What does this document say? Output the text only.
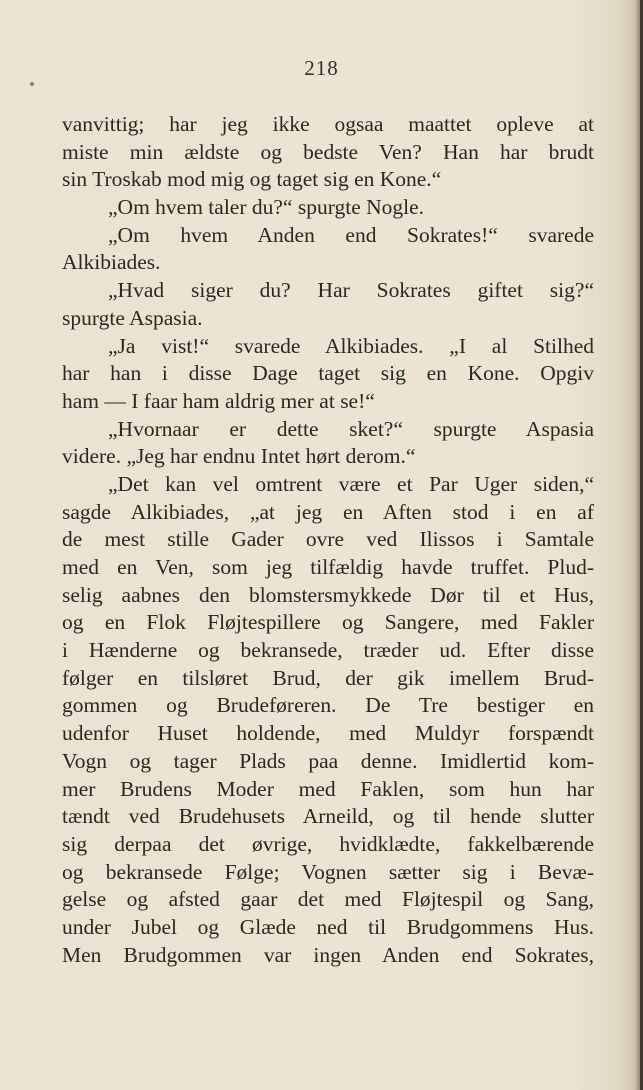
218
vanvittig; har jeg ikke ogsaa maattet opleve at
miste min ældste og bedste Ven? Han har brudt
sin Troskab mod mig og taget sig en Kone.“
„Om hvem taler du?“ spurgte Nogle.
„Om hvem Anden end Sokrates!“ svarede
Alkibiades.
„Hvad siger du? Har Sokrates giftet sig?“
spurgte Aspasia.
„Ja vist!“ svarede Alkibiades. „I al Stilhed
har han i disse Dage taget sig en Kone. Opgiv
ham — I faar ham aldrig mer at se!“
„Hvornaar er dette sket?“ spurgte Aspasia
videre. „Jeg har endnu Intet hørt derom.“
„Det kan vel omtrent være et Par Uger siden,“
sagde Alkibiades, „at jeg en Aften stod i en af
de mest stille Gader ovre ved Ilissos i Samtale
med en Ven, som jeg tilfældig havde truffet. Plud-
selig aabnes den blomstersmykkede Dør til et Hus,
og en Flok Fløjtespillere og Sangere, med Fakler
i Hænderne og bekransede, træder ud. Efter disse
følger en tilsløret Brud, der gik imellem Brud-
gommen og Brudeføreren. De Tre bestiger en
udenfor Huset holdende, med Muldyr forspændt
Vogn og tager Plads paa denne. Imidlertid kom-
mer Brudens Moder med Faklen, som hun har
tændt ved Brudehusets Arneild, og til hende slutter
sig derpaa det øvrige, hvidklædte, fakkelbærende
og bekransede Følge; Vognen sætter sig i Bevæ-
gelse og afsted gaar det med Fløjtespil og Sang,
under Jubel og Glæde ned til Brudgommens Hus.
Men Brudgommen var ingen Anden end Sokrates,
